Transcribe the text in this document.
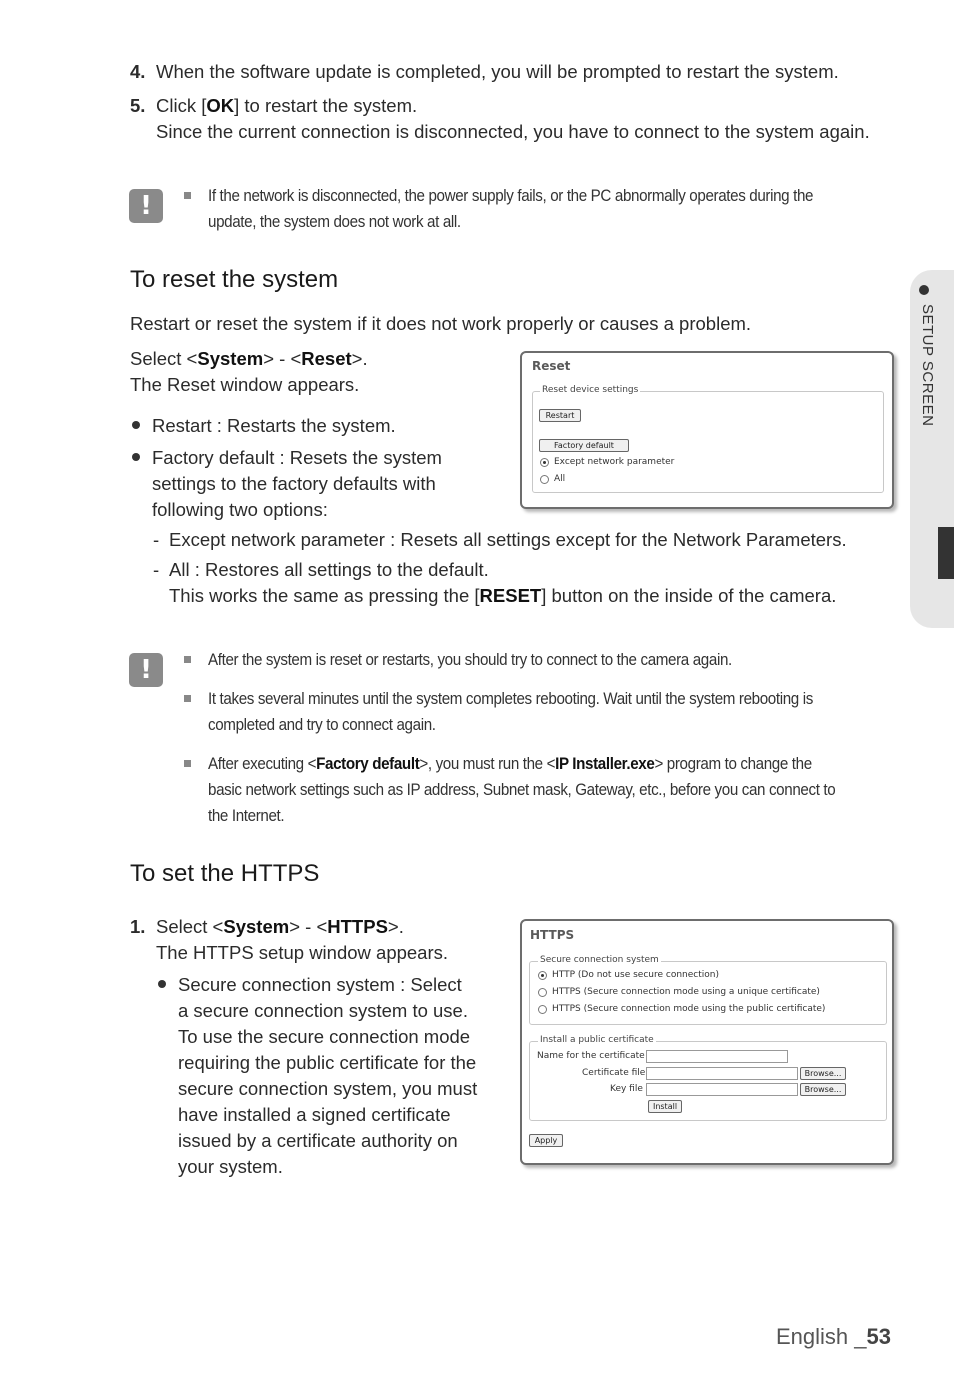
SETUP SCREEN
4. When the software update is completed, you will be prompted to restart the system.
5. Click [OK] to restart the system.
Since the current connection is disconnected, you have to connect to the system again.
!	If the network is disconnected, the power supply fails, or the PC abnormally operates during the
update, the system does not work at all.
To reset the system
Restart or reset the system if it does not work properly or causes a problem.
Select <System> - <Reset>.
The Reset window appears.
Restart : Restarts the system.
Factory default : Resets the system
settings to the factory defaults with
following two options:
- Except network parameter : Resets all settings except for the Network Parameters.
- All : Restores all settings to the default.
This works the same as pressing the [RESET] button on the inside of the camera.
Reset
Reset device settings
Restart
Factory default
Except network parameter
All
!	After the system is reset or restarts, you should try to connect to the camera again.
It takes several minutes until the system completes rebooting. Wait until the system rebooting is
completed and try to connect again.
After executing <Factory default>, you must run the <IP Installer.exe> program to change the
basic network settings such as IP address, Subnet mask, Gateway, etc., before you can connect to
the Internet.
To set the HTTPS
1. Select <System> - <HTTPS>.
The HTTPS setup window appears.
Secure connection system : Select
a secure connection system to use.
To use the secure connection mode
requiring the public certificate for the
secure connection system, you must
have installed a signed certificate
issued by a certificate authority on
your system.
HTTPS
Secure connection system
HTTP (Do not use secure connection)
HTTPS (Secure connection mode using a unique certificate)
HTTPS (Secure connection mode using the public certificate)
Install a public certificate
Name for the certificate
Certificate file	Browse...
Key file	Browse...
Install
Apply
English _53
